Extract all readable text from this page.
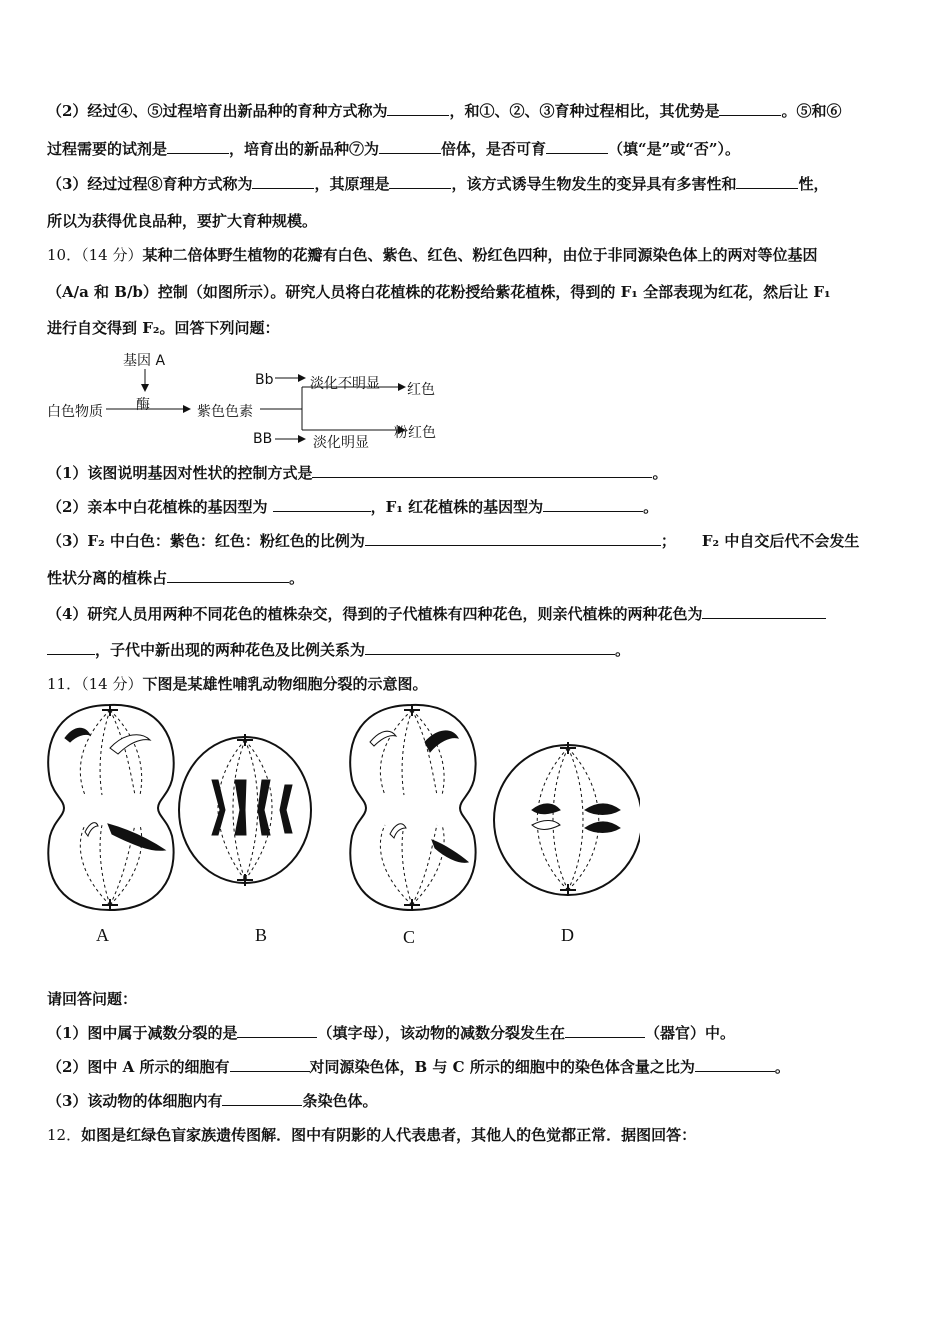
（2）经过④、⑤过程培育出新品种的育种方式称为	，和①、②、③育种过程相比，其优势是	。⑤和⑥
过程需要的试剂是	，培育出的新品种⑦为	倍体，是否可育	（填“是”或“否”）。
（3）经过过程⑧育种方式称为	，其原理是	，该方式诱导生物发生的变异具有多害性和	性，
所以为获得优良品种，要扩大育种规模。
10．（14 分）某种二倍体野生植物的花瓣有白色、紫色、红色、粉红色四种，由位于非同源染色体上的两对等位基因
（A/a 和 B/b）控制（如图所示）。研究人员将白花植株的花粉授给紫花植株，得到的 F₁ 全部表现为红花，然后让 F₁
进行自交得到 F₂。回答下列问题：
基因 A
酶
白色物质	紫色色素
Bb	淡化不明显 红色
BB	淡化明显
粉红色
（1）该图说明基因对性状的控制方式是	。
（2）亲本中白花植株的基因型为	，F₁ 红花植株的基因型为	。
（3）F₂ 中白色：紫色：红色：粉红色的比例为	； F₂ 中自交后代不会发生
性状分离的植株占	。
（4）研究人员用两种不同花色的植株杂交，得到的子代植株有四种花色，则亲代植株的两种花色为
，子代中新出现的两种花色及比例关系为	。
11．（14 分）下图是某雄性哺乳动物细胞分裂的示意图。
A	B	C	D
请回答问题：
（1）图中属于减数分裂的是	（填字母），该动物的减数分裂发生在	（器官）中。
（2）图中 A 所示的细胞有	对同源染色体，B 与 C 所示的细胞中的染色体含量之比为	。
（3）该动物的体细胞内有	条染色体。
12．如图是红绿色盲家族遗传图解．图中有阴影的人代表患者，其他人的色觉都正常．据图回答：
